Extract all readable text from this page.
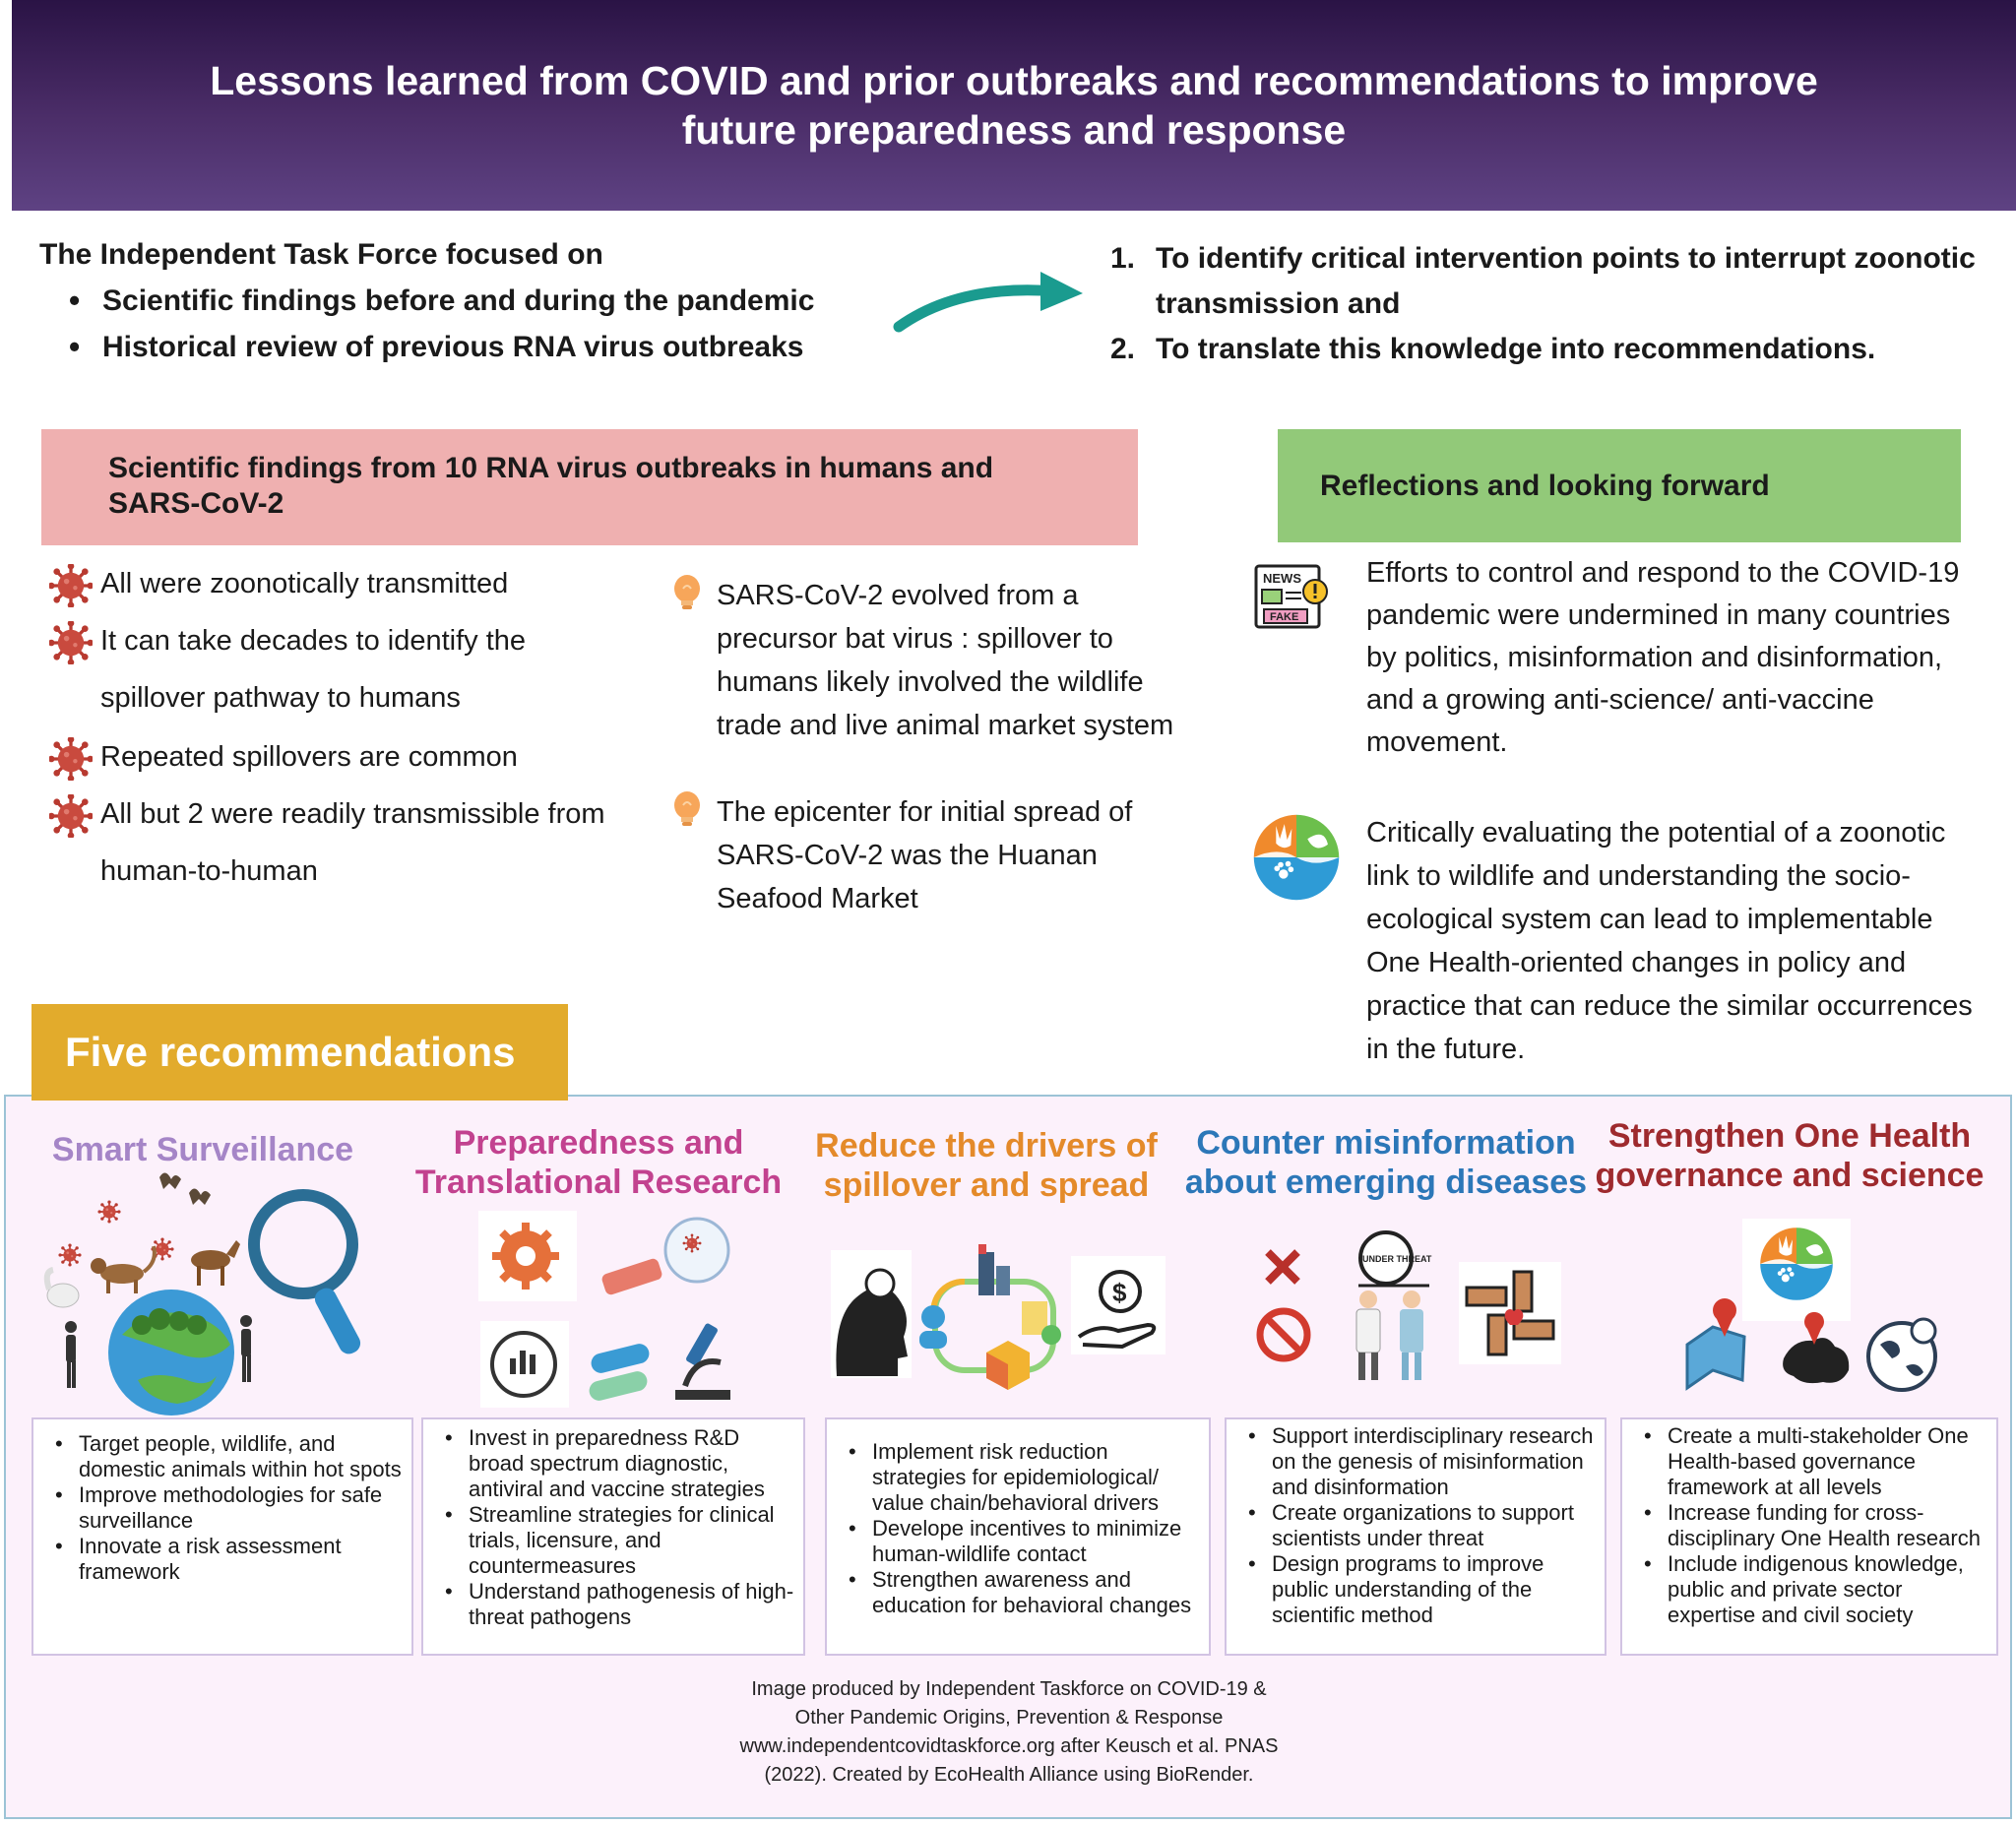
Lessons learned from COVID and prior outbreaks and recommendations to improve future preparedness and response
The Independent Task Force focused on
• Scientific findings before and during the pandemic
• Historical review of previous RNA virus outbreaks
1. To identify critical intervention points to interrupt zoonotic transmission and
2. To translate this knowledge into recommendations.
Scientific findings from 10 RNA virus outbreaks in humans and SARS-CoV-2
All were zoonotically transmitted
It can take decades to identify the spillover pathway to humans
Repeated spillovers are common
All but 2 were readily transmissible from human-to-human
SARS-CoV-2 evolved from a precursor bat virus : spillover to humans likely involved the wildlife trade and live animal market system
The epicenter for initial spread of SARS-CoV-2 was the Huanan Seafood Market
Reflections and looking forward
NEWS
FAKE
Efforts to control and respond to the COVID-19 pandemic were undermined in many countries by politics, misinformation and disinformation, and a growing anti-science/ anti-vaccine movement.
Critically evaluating the potential of a zoonotic link to wildlife and understanding the socio-ecological system can lead to implementable One Health-oriented changes in policy and practice that can reduce the similar occurrences in the future.
Five recommendations
Smart Surveillance	Preparedness and Translational Research
Reduce the drivers of spillover and spread
Counter misinformation about emerging diseases
Strengthen One Health governance and science
$
UNDER THREAT
• Target people, wildlife, and domestic animals within hot spots
• Improve methodologies for safe surveillance
• Innovate a risk assessment framework
• Invest in preparedness R&D broad spectrum diagnostic, antiviral and vaccine strategies
• Streamline strategies for clinical trials, licensure, and countermeasures
• Understand pathogenesis of high-threat pathogens
• Implement risk reduction strategies for epidemiological/ value chain/behavioral drivers
• Develope incentives to minimize human-wildlife contact
• Strengthen awareness and education for behavioral changes
• Support interdisciplinary research on the genesis of misinformation and disinformation
• Create organizations to support scientists under threat
• Design programs to improve public understanding of the scientific method
• Create a multi-stakeholder One Health-based governance framework at all levels
• Increase funding for cross-disciplinary One Health research
• Include indigenous knowledge, public and private sector expertise and civil society
Image produced by Independent Taskforce on COVID-19 &
Other Pandemic Origins, Prevention & Response
www.independentcovidtaskforce.org after Keusch et al. PNAS
(2022). Created by EcoHealth Alliance using BioRender.
